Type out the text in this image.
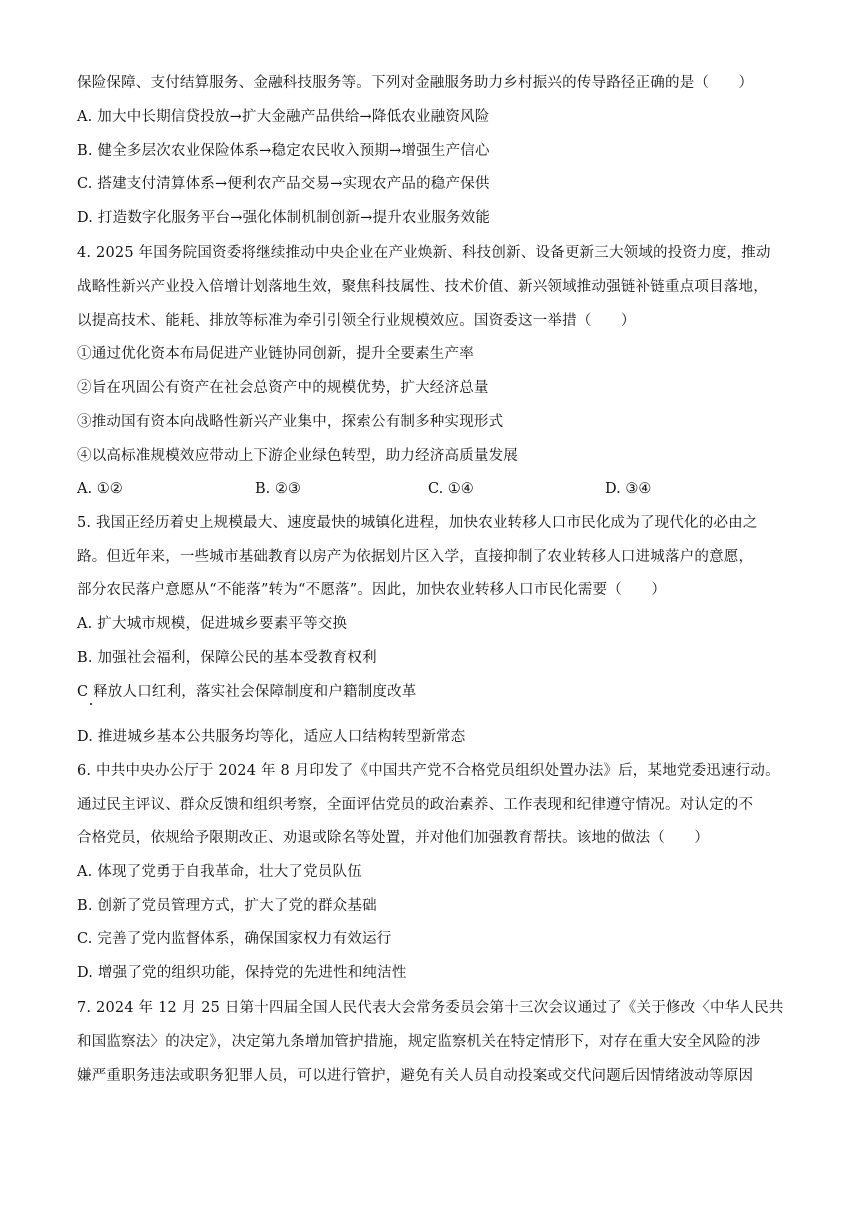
保险保障、支付结算服务、金融科技服务等。下列对金融服务助力乡村振兴的传导路径正确的是（　　）
A. 加大中长期信贷投放→扩大金融产品供给→降低农业融资风险
B. 健全多层次农业保险体系→稳定农民收入预期→增强生产信心
C. 搭建支付清算体系→便利农产品交易→实现农产品的稳产保供
D. 打造数字化服务平台→强化体制机制创新→提升农业服务效能
4. 2025 年国务院国资委将继续推动中央企业在产业焕新、科技创新、设备更新三大领域的投资力度，推动
战略性新兴产业投入倍增计划落地生效，聚焦科技属性、技术价值、新兴领域推动强链补链重点项目落地，
以提高技术、能耗、排放等标准为牵引引领全行业规模效应。国资委这一举措（　　）
①通过优化资本布局促进产业链协同创新，提升全要素生产率
②旨在巩固公有资产在社会总资产中的规模优势，扩大经济总量
③推动国有资本向战略性新兴产业集中，探索公有制多种实现形式
④以高标准规模效应带动上下游企业绿色转型，助力经济高质量发展
A. ①②	B. ②③	C. ①④	D. ③④
5. 我国正经历着史上规模最大、速度最快的城镇化进程，加快农业转移人口市民化成为了现代化的必由之
路。但近年来，一些城市基础教育以房产为依据划片区入学，直接抑制了农业转移人口进城落户的意愿，
部分农民落户意愿从“不能落”转为“不愿落”。因此，加快农业转移人口市民化需要（　　）
A. 扩大城市规模，促进城乡要素平等交换
B. 加强社会福利，保障公民的基本受教育权利
C 释放人口红利，落实社会保障制度和户籍制度改革
D. 推进城乡基本公共服务均等化，适应人口结构转型新常态
6. 中共中央办公厅于 2024 年 8 月印发了《中国共产党不合格党员组织处置办法》后，某地党委迅速行动。
通过民主评议、群众反馈和组织考察，全面评估党员的政治素养、工作表现和纪律遵守情况。对认定的不
合格党员，依规给予限期改正、劝退或除名等处置，并对他们加强教育帮扶。该地的做法（　　）
A. 体现了党勇于自我革命，壮大了党员队伍
B. 创新了党员管理方式，扩大了党的群众基础
C. 完善了党内监督体系，确保国家权力有效运行
D. 增强了党的组织功能，保持党的先进性和纯洁性
7. 2024 年 12 月 25 日第十四届全国人民代表大会常务委员会第十三次会议通过了《关于修改〈中华人民共
和国监察法〉的决定》，决定第九条增加管护措施，规定监察机关在特定情形下，对存在重大安全风险的涉
嫌严重职务违法或职务犯罪人员，可以进行管护，避免有关人员自动投案或交代问题后因情绪波动等原因
